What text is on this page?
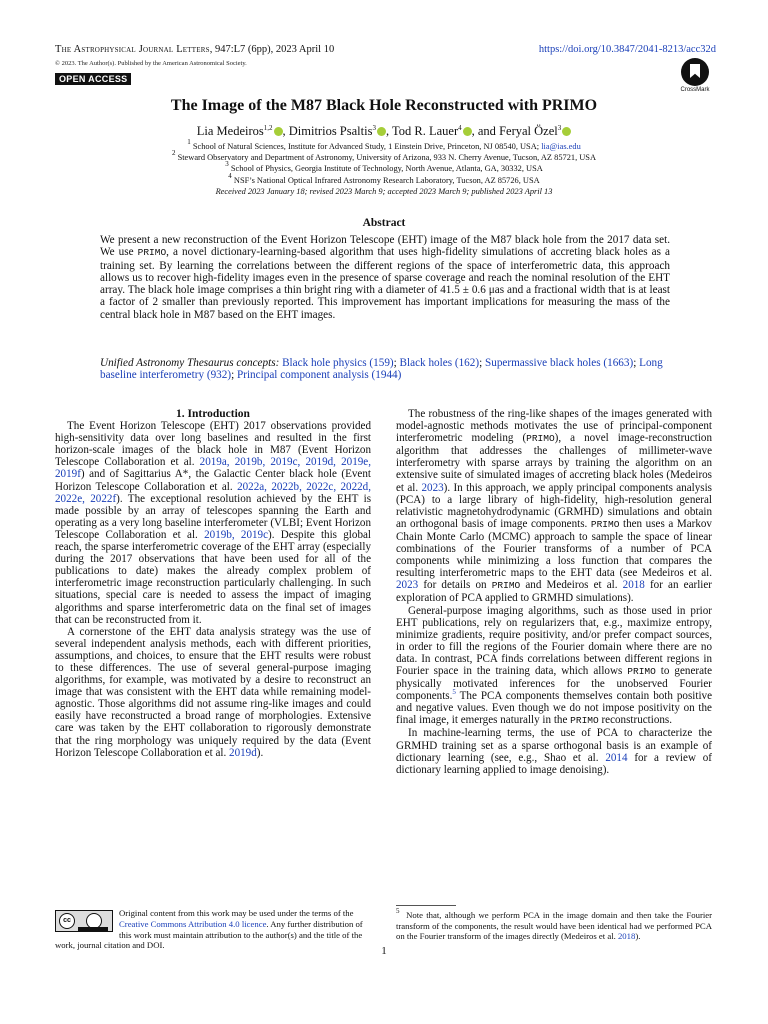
The Astrophysical Journal Letters, 947:L7 (6pp), 2023 April 10	https://doi.org/10.3847/2041-8213/acc32d
© 2023. The Author(s). Published by the American Astronomical Society.
OPEN ACCESS
CrossMark
The Image of the M87 Black Hole Reconstructed with PRIMO
Lia Medeiros$^{1,2}$ , Dimitrios Psaltis$^3$ , Tod R. Lauer$^4$ , and Feryal Özel$^3$
$^1$ School of Natural Sciences, Institute for Advanced Study, 1 Einstein Drive, Princeton, NJ 08540, USA; lia@ias.edu
$^2$ Steward Observatory and Department of Astronomy, University of Arizona, 933 N. Cherry Avenue, Tucson, AZ 85721, USA
$^3$ School of Physics, Georgia Institute of Technology, North Avenue, Atlanta, GA, 30332, USA
$^4$ NSF’s National Optical Infrared Astronomy Research Laboratory, Tucson, AZ 85726, USA
Received 2023 January 18; revised 2023 March 9; accepted 2023 March 9; published 2023 April 13
Abstract
We present a new reconstruction of the Event Horizon Telescope (EHT) image of the M87 black hole from the 2017 data set. We use PRIMO, a novel dictionary-learning-based algorithm that uses high-fidelity simulations of accreting black holes as a training set. By learning the correlations between the different regions of the space of interferometric data, this approach allows us to recover high-fidelity images even in the presence of sparse coverage and reach the nominal resolution of the EHT array. The black hole image comprises a thin bright ring with a diameter of 41.5 ± 0.6 μas and a fractional width that is at least a factor of 2 smaller than previously reported. This improvement has important implications for measuring the mass of the central black hole in M87 based on the EHT images.
Unified Astronomy Thesaurus concepts: Black hole physics (159); Black holes (162); Supermassive black holes (1663); Long baseline interferometry (932); Principal component analysis (1944)

1. Introduction

The Event Horizon Telescope (EHT) 2017 observations provided high-sensitivity data over long baselines and resulted in the first horizon-scale images of the black hole in M87 (Event Horizon Telescope Collaboration et al. 2019a, 2019b, 2019c, 2019d, 2019e, 2019f) and of Sagittarius A*, the Galactic Center black hole (Event Horizon Telescope Collaboration et al. 2022a, 2022b, 2022c, 2022d, 2022e, 2022f). The exceptional resolution achieved by the EHT is made possible by an array of telescopes spanning the Earth and operating as a very long baseline interferometer (VLBI; Event Horizon Telescope Collaboration et al. 2019b, 2019c). Despite this global reach, the sparse interferometric coverage of the EHT array (especially during the 2017 observations that have been used for all of the publications to date) makes the already complex problem of interferometric image reconstruction particularly challenging. In such situations, special care is needed to assess the impact of imaging algorithms and sparse interferometric data on the final set of images that can be reconstructed from it.

A cornerstone of the EHT data analysis strategy was the use of several independent analysis methods, each with different priorities, assumptions, and choices, to ensure that the EHT results were robust to these differences. The use of several general-purpose imaging algorithms, for example, was motivated by a desire to reconstruct an image that was consistent with the EHT data while remaining model-agnostic. Those algorithms did not assume ring-like images and could easily have reconstructed a broad range of morphologies. Extensive care was taken by the EHT collaboration to rigorously demonstrate that the ring morphology was uniquely required by the data (Event Horizon Telescope Collaboration et al. 2019d).

The robustness of the ring-like shapes of the images generated with model-agnostic methods motivates the use of principal-component interferometric modeling (PRIMO), a novel image-reconstruction algorithm that addresses the challenges of millimeter-wave interferometry with sparse arrays by training the algorithm on an extensive suite of simulated images of accreting black holes (Medeiros et al. 2023). In this approach, we apply principal components analysis (PCA) to a large library of high-fidelity, high-resolution general relativistic magnetohydrodynamic (GRMHD) simulations and obtain an orthogonal basis of image components. PRIMO then uses a Markov Chain Monte Carlo (MCMC) approach to sample the space of linear combinations of the Fourier transforms of a number of PCA components while minimizing a loss function that compares the resulting interferometric maps to the EHT data (see Medeiros et al. 2023 for details on PRIMO and Medeiros et al. 2018 for an earlier exploration of PCA applied to GRMHD simulations).

General-purpose imaging algorithms, such as those used in prior EHT publications, rely on regularizers that, e.g., maximize entropy, minimize gradients, require positivity, and/or prefer compact sources, in order to fill the regions of the Fourier domain where there are no data. In contrast, PCA finds correlations between different regions in Fourier space in the training data, which allows PRIMO to generate physically motivated inferences for the unobserved Fourier components.$^5$ The PCA components themselves contain both positive and negative values. Even though we do not impose positivity on the final image, it emerges naturally in the PRIMO reconstructions.

In machine-learning terms, the use of PCA to characterize the GRMHD training set as a sparse orthogonal basis is an example of dictionary learning (see, e.g., Shao et al. 2014 for a review of dictionary learning applied to image denoising).

cc
Original content from this work may be used under the terms of the Creative Commons Attribution 4.0 licence. Any further distribution of this work must maintain attribution to the author(s) and the title of the work, journal citation and DOI.
$^5$ Note that, although we perform PCA in the image domain and then take the Fourier transform of the components, the result would have been identical had we performed PCA on the Fourier transform of the images directly (Medeiros et al. 2018).
1
